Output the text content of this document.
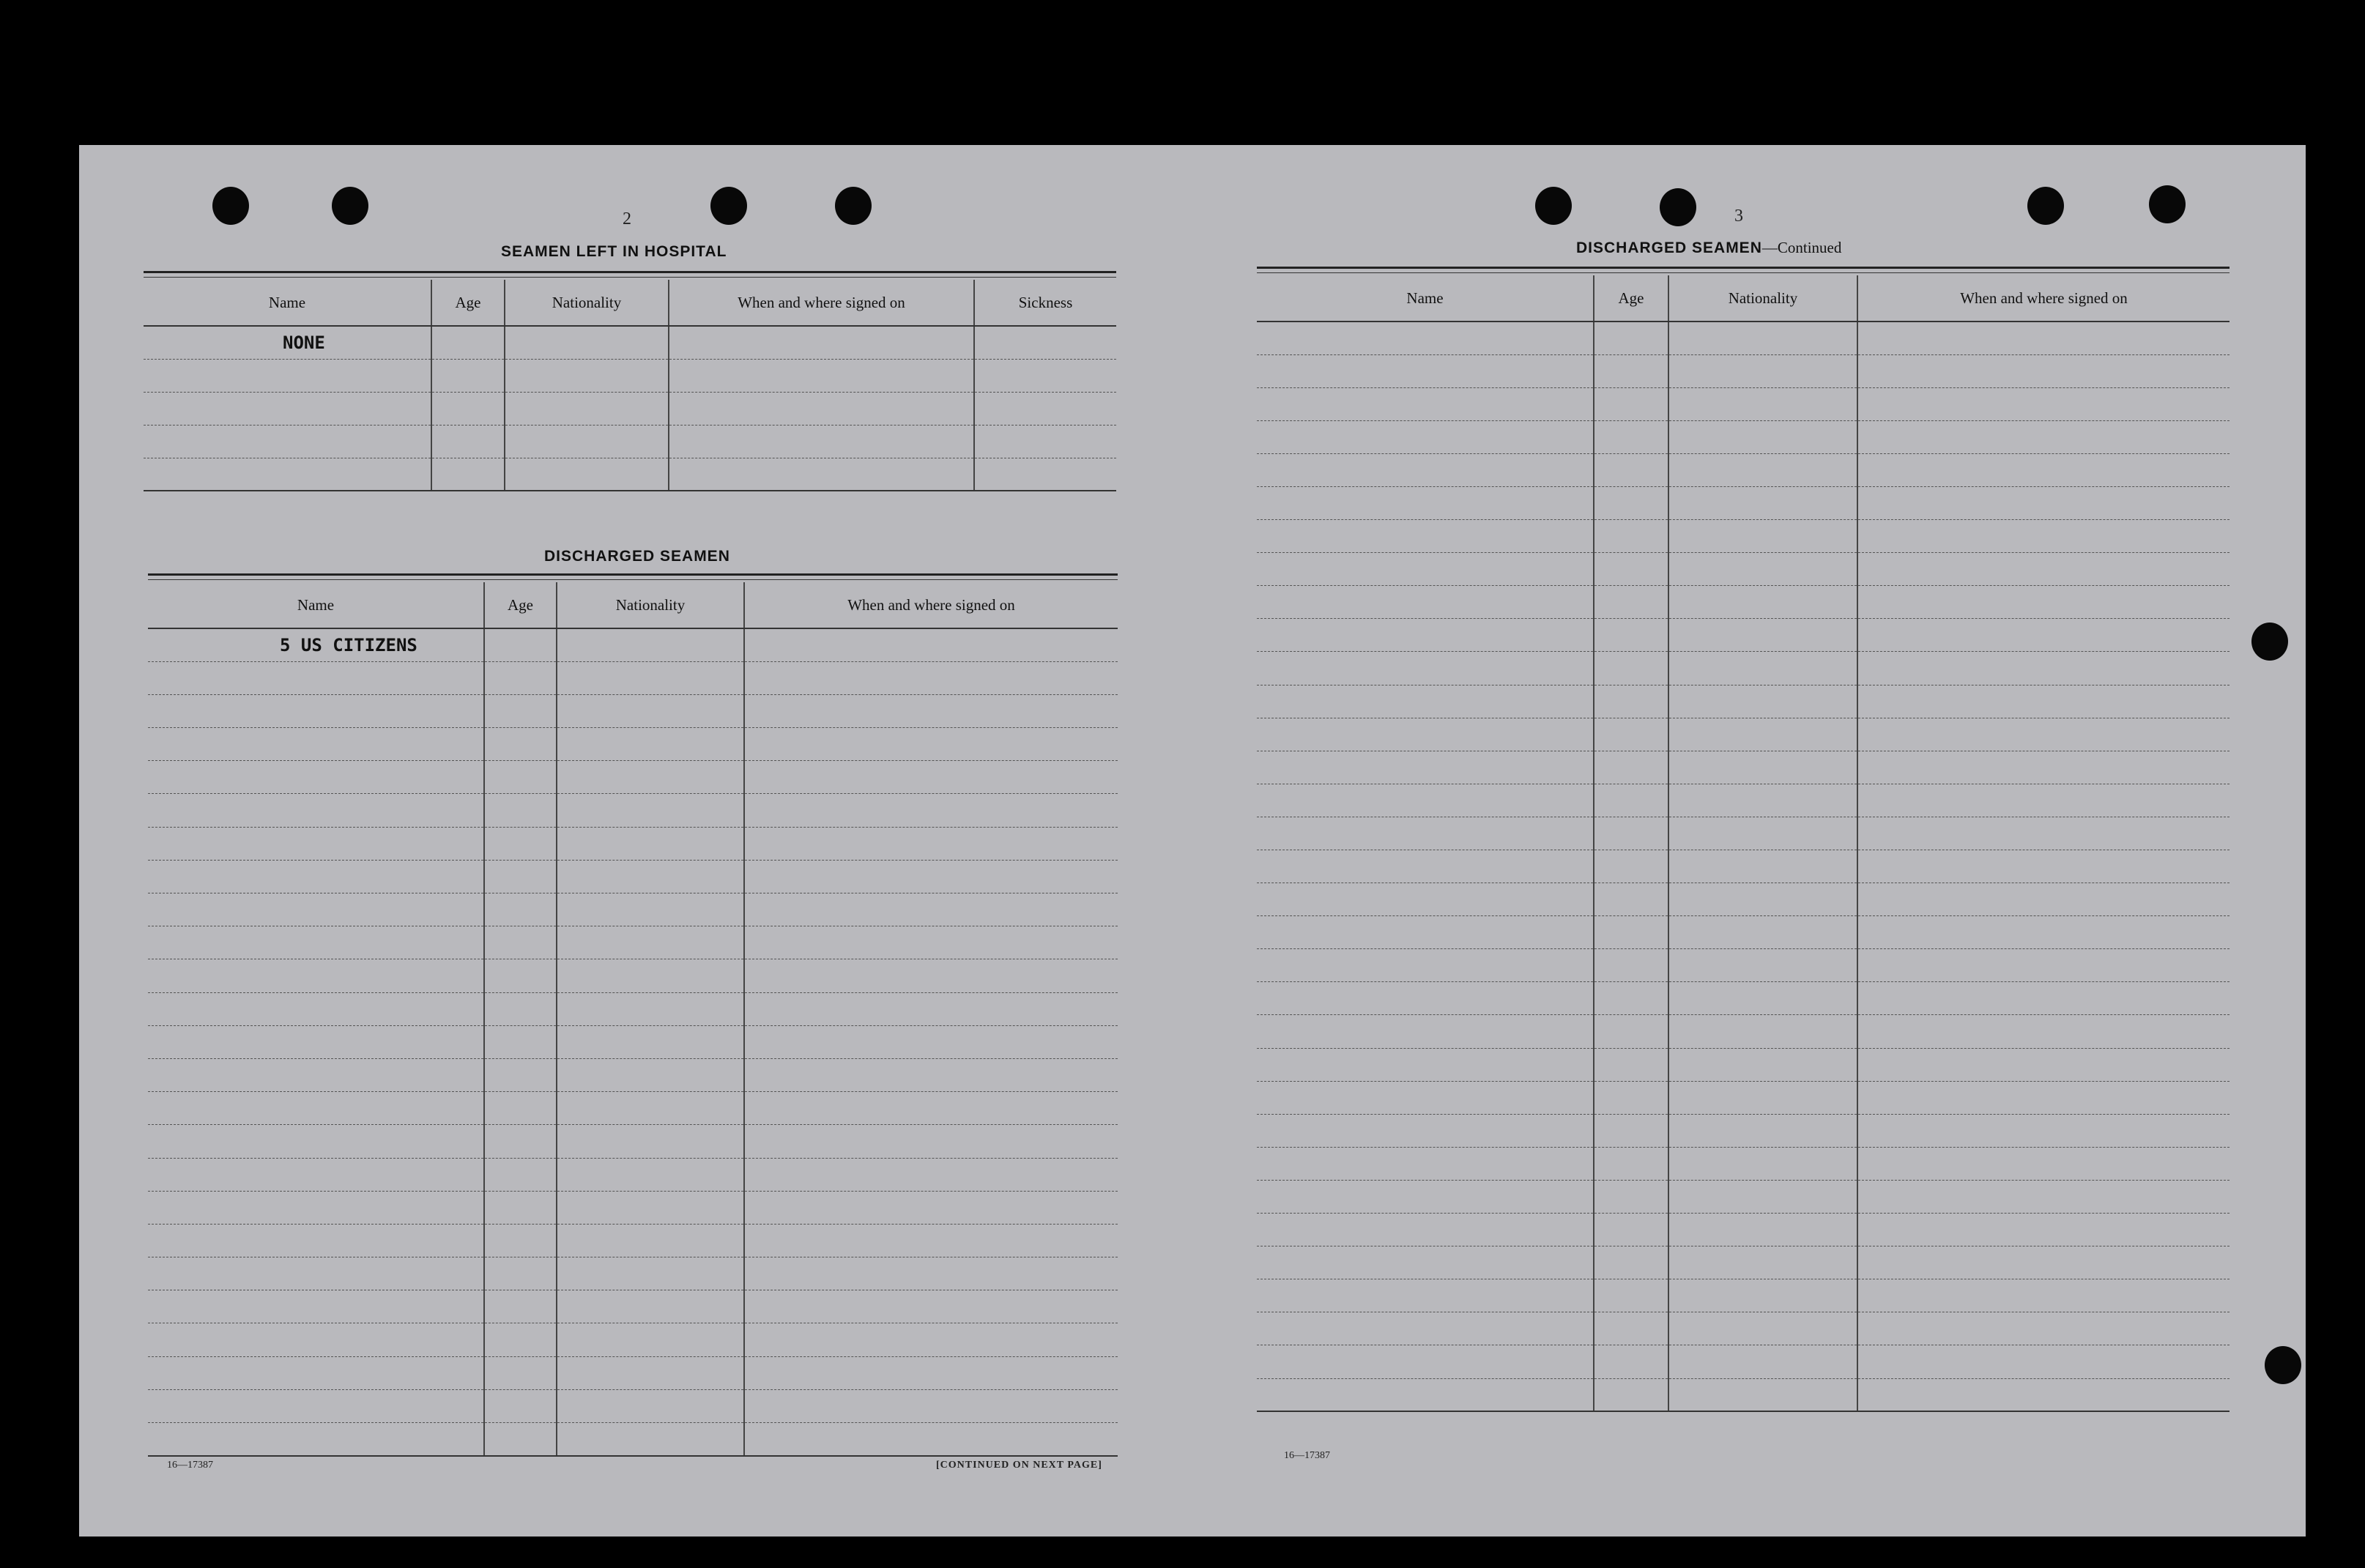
2
SEAMEN LEFT IN HOSPITAL
Name	Age	Nationality	When and where signed on	Sickness
NONE				

DISCHARGED SEAMEN
Name	Age	Nationality	When and where signed on
5 US CITIZENS			

16—17387	[CONTINUED ON NEXT PAGE]
3
DISCHARGED SEAMEN—Continued
Name	Age	Nationality	When and where signed on

16—17387
